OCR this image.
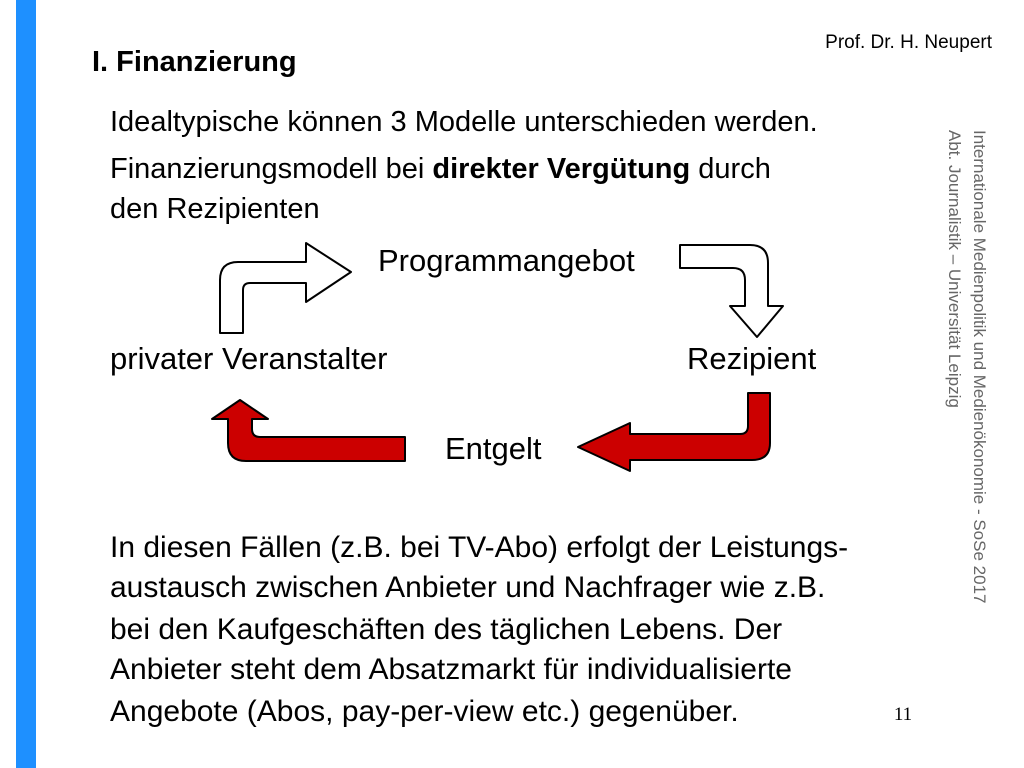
Prof. Dr. H. Neupert
I. Finanzierung
Idealtypische können 3 Modelle unterschieden werden.
Finanzierungsmodell bei direkter Vergütung durch
den Rezipienten
Programmangebot
privater Veranstalter	Rezipient
Entgelt
In diesen Fällen (z.B. bei TV-Abo) erfolgt der Leistungs-
austausch zwischen Anbieter und Nachfrager wie z.B.
bei den Kaufgeschäften des täglichen Lebens. Der
Anbieter steht dem Absatzmarkt für individualisierte
Angebote (Abos, pay-per-view etc.) gegenüber.	11
Internationale Medienpolitik und Medienökonomie - SoSe 2017
Abt. Journalistik – Universität Leipzig
